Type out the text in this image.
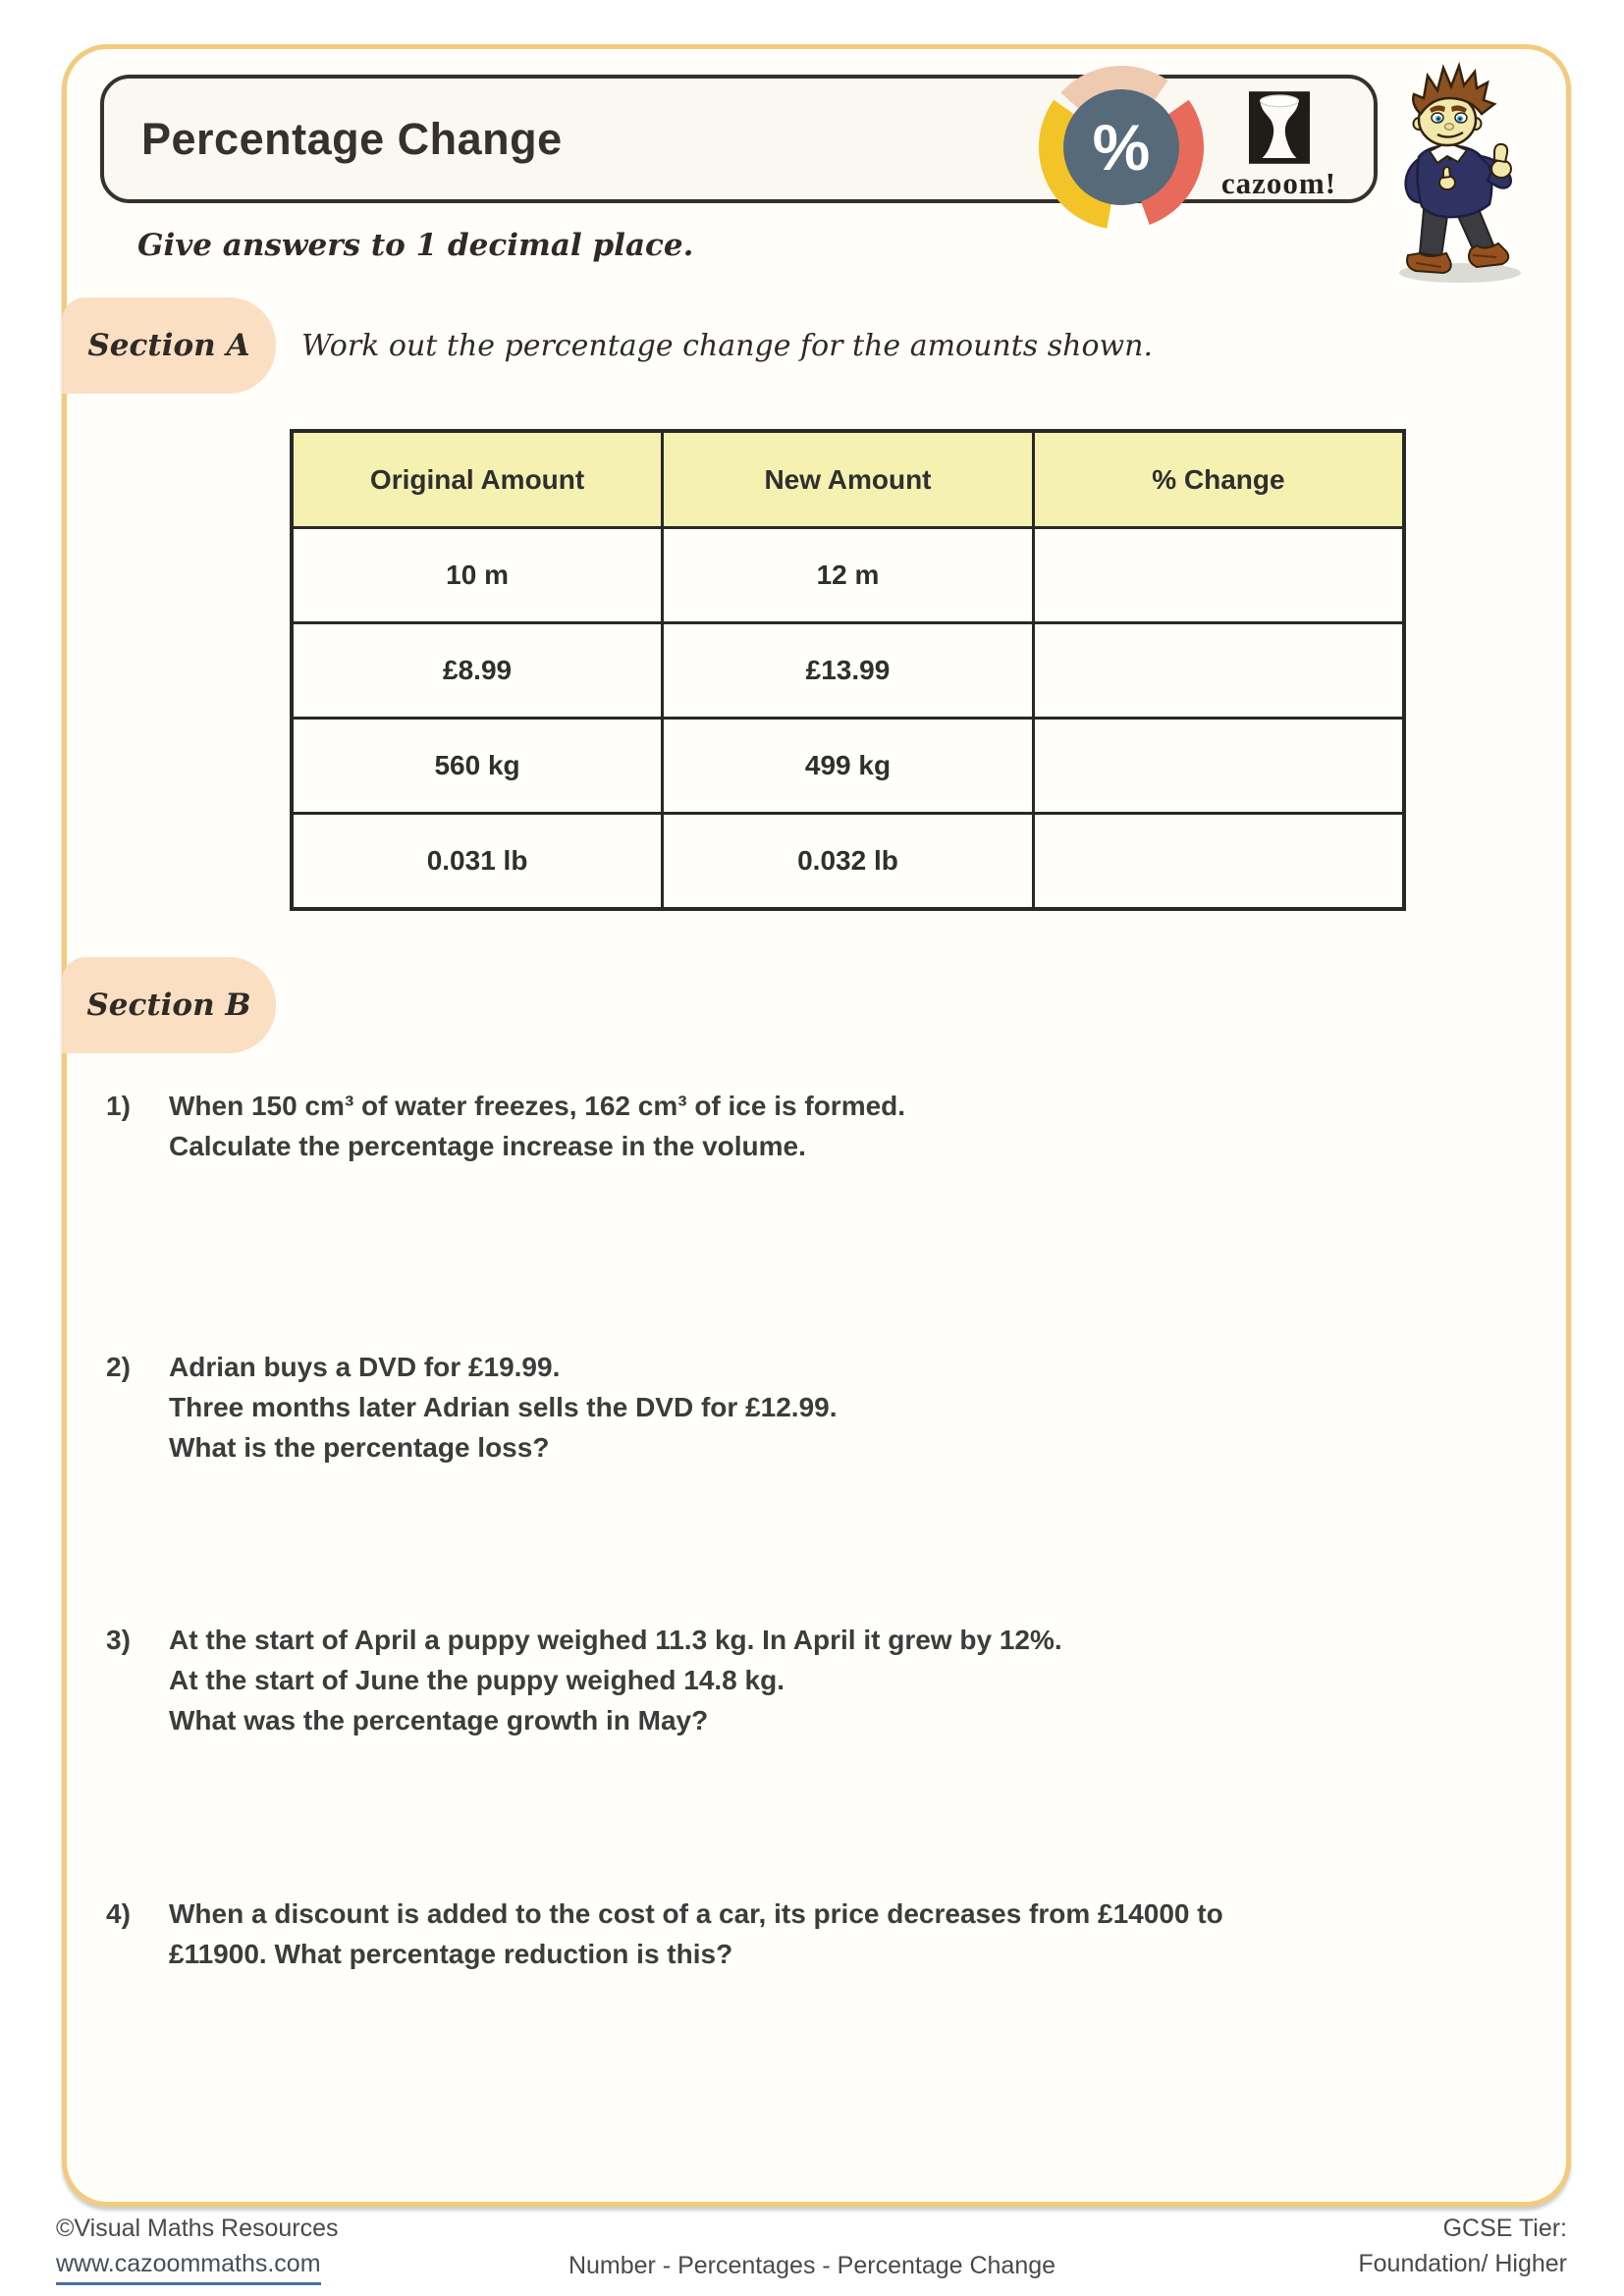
Percentage Change	% cazoom!
Give answers to 1 decimal place.
Section A Work out the percentage change for the amounts shown.
Original Amount	New Amount	% Change
10 m	12 m	
£8.99	£13.99	
560 kg	499 kg	
0.031 lb	0.032 lb	
Section B
1)	When 150 cm³ of water freezes, 162 cm³ of ice is formed.
Calculate the percentage increase in the volume.
2)	Adrian buys a DVD for £19.99.
Three months later Adrian sells the DVD for £12.99.
What is the percentage loss?
3)	At the start of April a puppy weighed 11.3 kg. In April it grew by 12%.
At the start of June the puppy weighed 14.8 kg.
What was the percentage growth in May?
4)	When a discount is added to the cost of a car, its price decreases from £14000 to
£11900. What percentage reduction is this?
©Visual Maths Resources
www.cazoommaths.com	Number - Percentages - Percentage Change
GCSE Tier:
Foundation/ Higher
